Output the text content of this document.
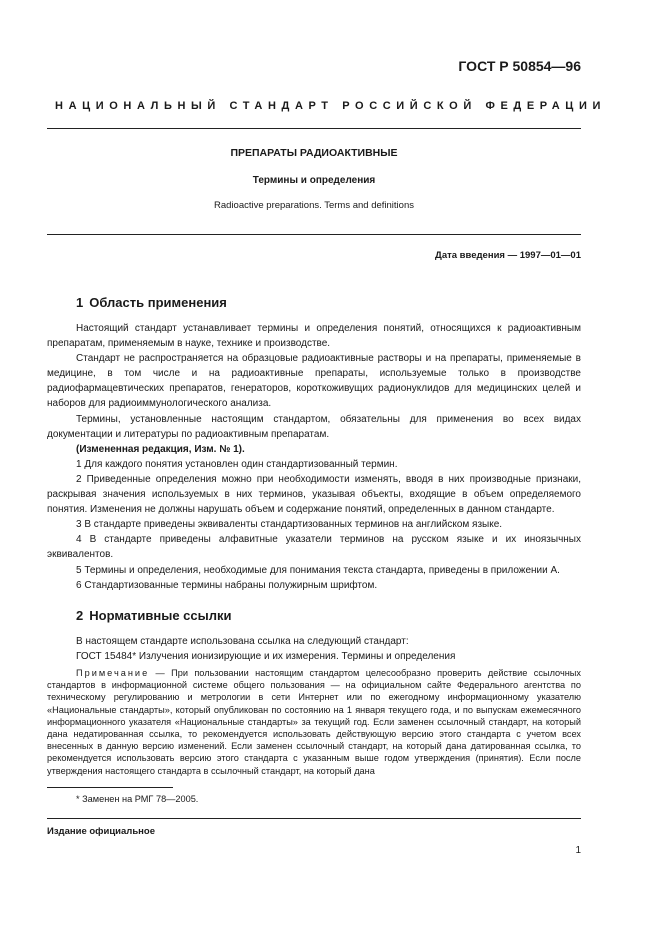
ГОСТ Р 50854—96
НАЦИОНАЛЬНЫЙ СТАНДАРТ РОССИЙСКОЙ ФЕДЕРАЦИИ
ПРЕПАРАТЫ РАДИОАКТИВНЫЕ
Термины и определения
Radioactive preparations. Terms and definitions
Дата введения — 1997—01—01
1 Область применения

Настоящий стандарт устанавливает термины и определения понятий, относящихся к радиоактивным препаратам, применяемым в науке, технике и производстве.

Стандарт не распространяется на образцовые радиоактивные растворы и на препараты, применяемые в медицине, в том числе и на радиоактивные препараты, используемые только в производстве радиофармацевтических препаратов, генераторов, короткоживущих радионуклидов для медицинских целей и наборов для радиоиммунологического анализа.

Термины, установленные настоящим стандартом, обязательны для применения во всех видах документации и литературы по радиоактивным препаратам.

(Измененная редакция, Изм. № 1).

1 Для каждого понятия установлен один стандартизованный термин.

2 Приведенные определения можно при необходимости изменять, вводя в них производные признаки, раскрывая значения используемых в них терминов, указывая объекты, входящие в объем определяемого понятия. Изменения не должны нарушать объем и содержание понятий, определенных в данном стандарте.

3 В стандарте приведены эквиваленты стандартизованных терминов на английском языке.

4 В стандарте приведены алфавитные указатели терминов на русском языке и их иноязычных эквивалентов.

5 Термины и определения, необходимые для понимания текста стандарта, приведены в приложении А.

6 Стандартизованные термины набраны полужирным шрифтом.

2 Нормативные ссылки

В настоящем стандарте использована ссылка на следующий стандарт:

ГОСТ 15484* Излучения ионизирующие и их измерения. Термины и определения

Примечание — При пользовании настоящим стандартом целесообразно проверить действие ссылочных стандартов в информационной системе общего пользования — на официальном сайте Федерального агентства по техническому регулированию и метрологии в сети Интернет или по ежегодному информационному указателю «Национальные стандарты», который опубликован по состоянию на 1 января текущего года, и по выпускам ежемесячного информационного указателя «Национальные стандарты» за текущий год. Если заменен ссылочный стандарт, на который дана недатированная ссылка, то рекомендуется использовать действующую версию этого стандарта с учетом всех внесенных в данную версию изменений. Если заменен ссылочный стандарт, на который дана датированная ссылка, то рекомендуется использовать версию этого стандарта с указанным выше годом утверждения (принятия). Если после утверждения настоящего стандарта в ссылочный стандарт, на который дана

* Заменен на РМГ 78—2005.
Издание официальное
1
